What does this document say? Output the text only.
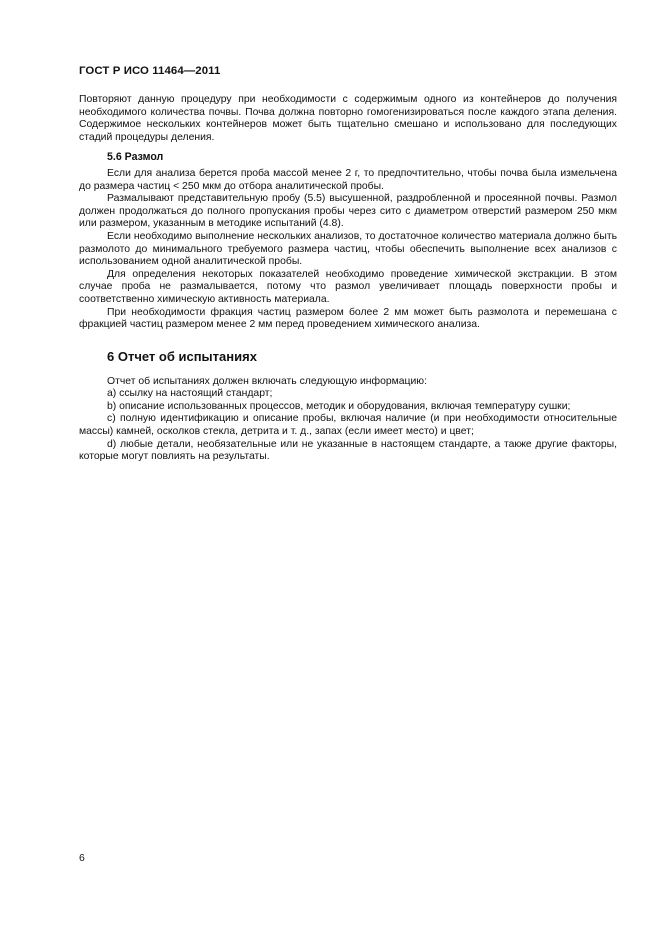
ГОСТ Р ИСО 11464—2011

Повторяют данную процедуру при необходимости с содержимым одного из контейнеров до получения необходимого количества почвы. Почва должна повторно гомогенизироваться после каждого этапа деления. Содержимое нескольких контейнеров может быть тщательно смешано и использовано для последующих стадий процедуры деления.

5.6 Размол

Если для анализа берется проба массой менее 2 г, то предпочтительно, чтобы почва была измельчена до размера частиц < 250 мкм до отбора аналитической пробы.

Размалывают представительную пробу (5.5) высушенной, раздробленной и просеянной почвы. Размол должен продолжаться до полного пропускания пробы через сито с диаметром отверстий размером 250 мкм или размером, указанным в методике испытаний (4.8).

Если необходимо выполнение нескольких анализов, то достаточное количество материала должно быть размолото до минимального требуемого размера частиц, чтобы обеспечить выполнение всех анализов с использованием одной аналитической пробы.

Для определения некоторых показателей необходимо проведение химической экстракции. В этом случае проба не размалывается, потому что размол увеличивает площадь поверхности пробы и соответственно химическую активность материала.

При необходимости фракция частиц размером более 2 мм может быть размолота и перемешана с фракцией частиц размером менее 2 мм перед проведением химического анализа.

6 Отчет об испытаниях

Отчет об испытаниях должен включать следующую информацию:

a) ссылку на настоящий стандарт;

b) описание использованных процессов, методик и оборудования, включая температуру сушки;

c) полную идентификацию и описание пробы, включая наличие (и при необходимости относительные массы) камней, осколков стекла, детрита и т. д., запах (если имеет место) и цвет;

d) любые детали, необязательные или не указанные в настоящем стандарте, а также другие факторы, которые могут повлиять на результаты.

6
